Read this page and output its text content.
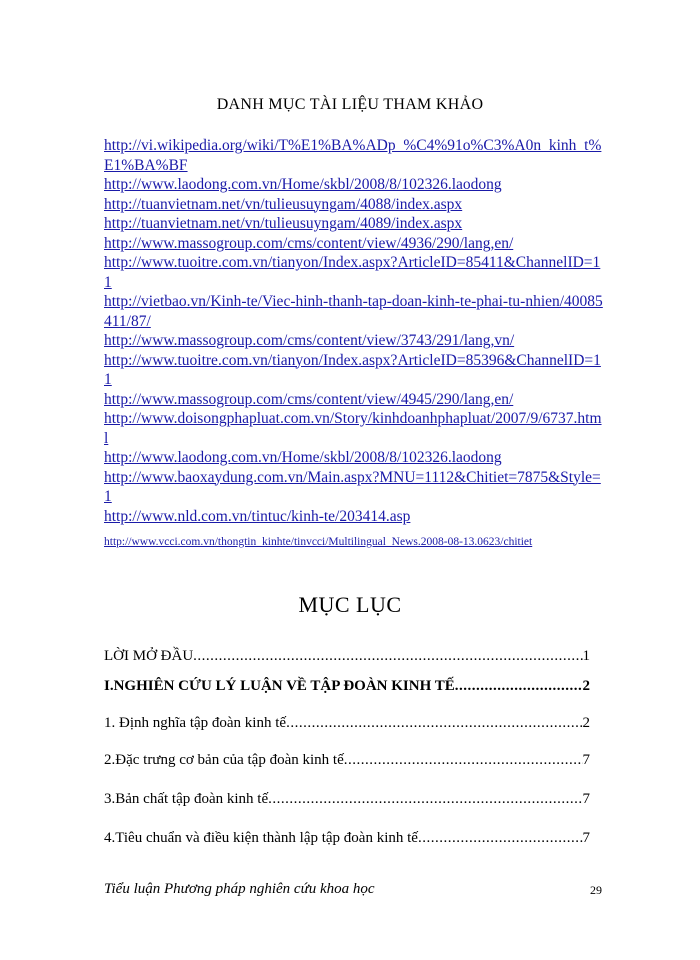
DANH MỤC TÀI LIỆU THAM KHẢO
http://vi.wikipedia.org/wiki/T%E1%BA%ADp_%C4%91o%C3%A0n_kinh_t%E1%BA%BF
http://www.laodong.com.vn/Home/skbl/2008/8/102326.laodong
http://tuanvietnam.net/vn/tulieusuyngam/4088/index.aspx
http://tuanvietnam.net/vn/tulieusuyngam/4089/index.aspx
http://www.massogroup.com/cms/content/view/4936/290/lang,en/
http://www.tuoitre.com.vn/tianyon/Index.aspx?ArticleID=85411&ChannelID=11
http://vietbao.vn/Kinh-te/Viec-hinh-thanh-tap-doan-kinh-te-phai-tu-nhien/40085411/87/
http://www.massogroup.com/cms/content/view/3743/291/lang,vn/
http://www.tuoitre.com.vn/tianyon/Index.aspx?ArticleID=85396&ChannelID=11
http://www.massogroup.com/cms/content/view/4945/290/lang,en/
http://www.doisongphapluat.com.vn/Story/kinhdoanhphapluat/2007/9/6737.html
http://www.laodong.com.vn/Home/skbl/2008/8/102326.laodong
http://www.baoxaydung.com.vn/Main.aspx?MNU=1112&Chitiet=7875&Style=1
http://www.nld.com.vn/tintuc/kinh-te/203414.asp
http://www.vcci.com.vn/thongtin_kinhte/tinvcci/Multilingual_News.2008-08-13.0623/chitiet
MỤC LỤC
LỜI MỞ ĐẦU .....	1
I.NGHIÊN CỨU LÝ LUẬN VỀ TẬP ĐOÀN KINH TẾ .....	2
1. Định nghĩa tập đoàn kinh tế .....	2
2.Đặc trưng cơ bản của tập đoàn kinh tế .....	7
3.Bản chất tập đoàn kinh tế .....	7
4.Tiêu chuẩn và điều kiện thành lập tập đoàn kinh tế .....	7
Tiểu luận Phương pháp nghiên cứu khoa học	29
